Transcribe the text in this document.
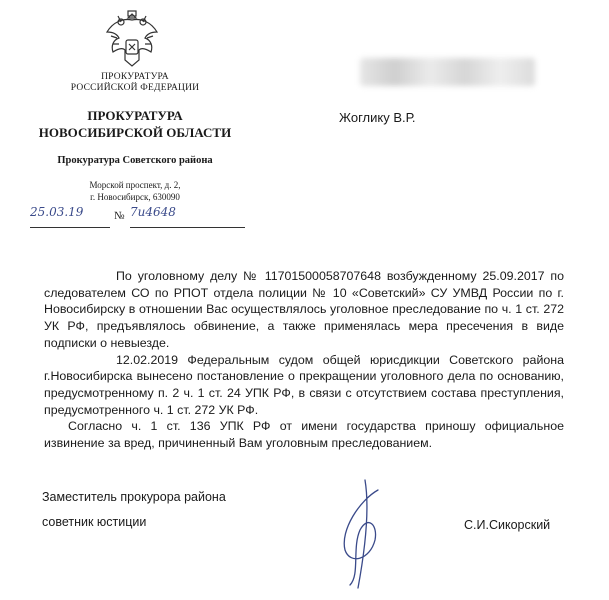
ПРОКУРАТУРА
РОССИЙСКОЙ ФЕДЕРАЦИИ
ПРОКУРАТУРА
НОВОСИБИРСКОЙ ОБЛАСТИ
Прокуратура Советского района
Морской проспект, д. 2,
г. Новосибирск, 630090
25.03.19	№ 7и4648
Жоглику В.Р.

По уголовному делу № 11701500058707648 возбужденному 25.09.2017 по следователем СО по РПОТ отдела полиции № 10 «Советский» СУ УМВД России по г. Новосибирску в отношении Вас осуществлялось уголовное преследование по ч. 1 ст. 272 УК РФ, предъявлялось обвинение, а также применялась мера пресечения в виде подписки о невыезде.

12.02.2019 Федеральным судом общей юрисдикции Советского района г.Новосибирска вынесено постановление о прекращении уголовного дела по основанию, предусмотренному п. 2 ч. 1 ст. 24 УПК РФ, в связи с отсутствием состава преступления, предусмотренного ч. 1 ст. 272 УК РФ.

Согласно ч. 1 ст. 136 УПК РФ от имени государства приношу официальное извинение за вред, причиненный Вам уголовным преследованием.

Заместитель прокурора района
советник юстиции	С.И.Сикорский
